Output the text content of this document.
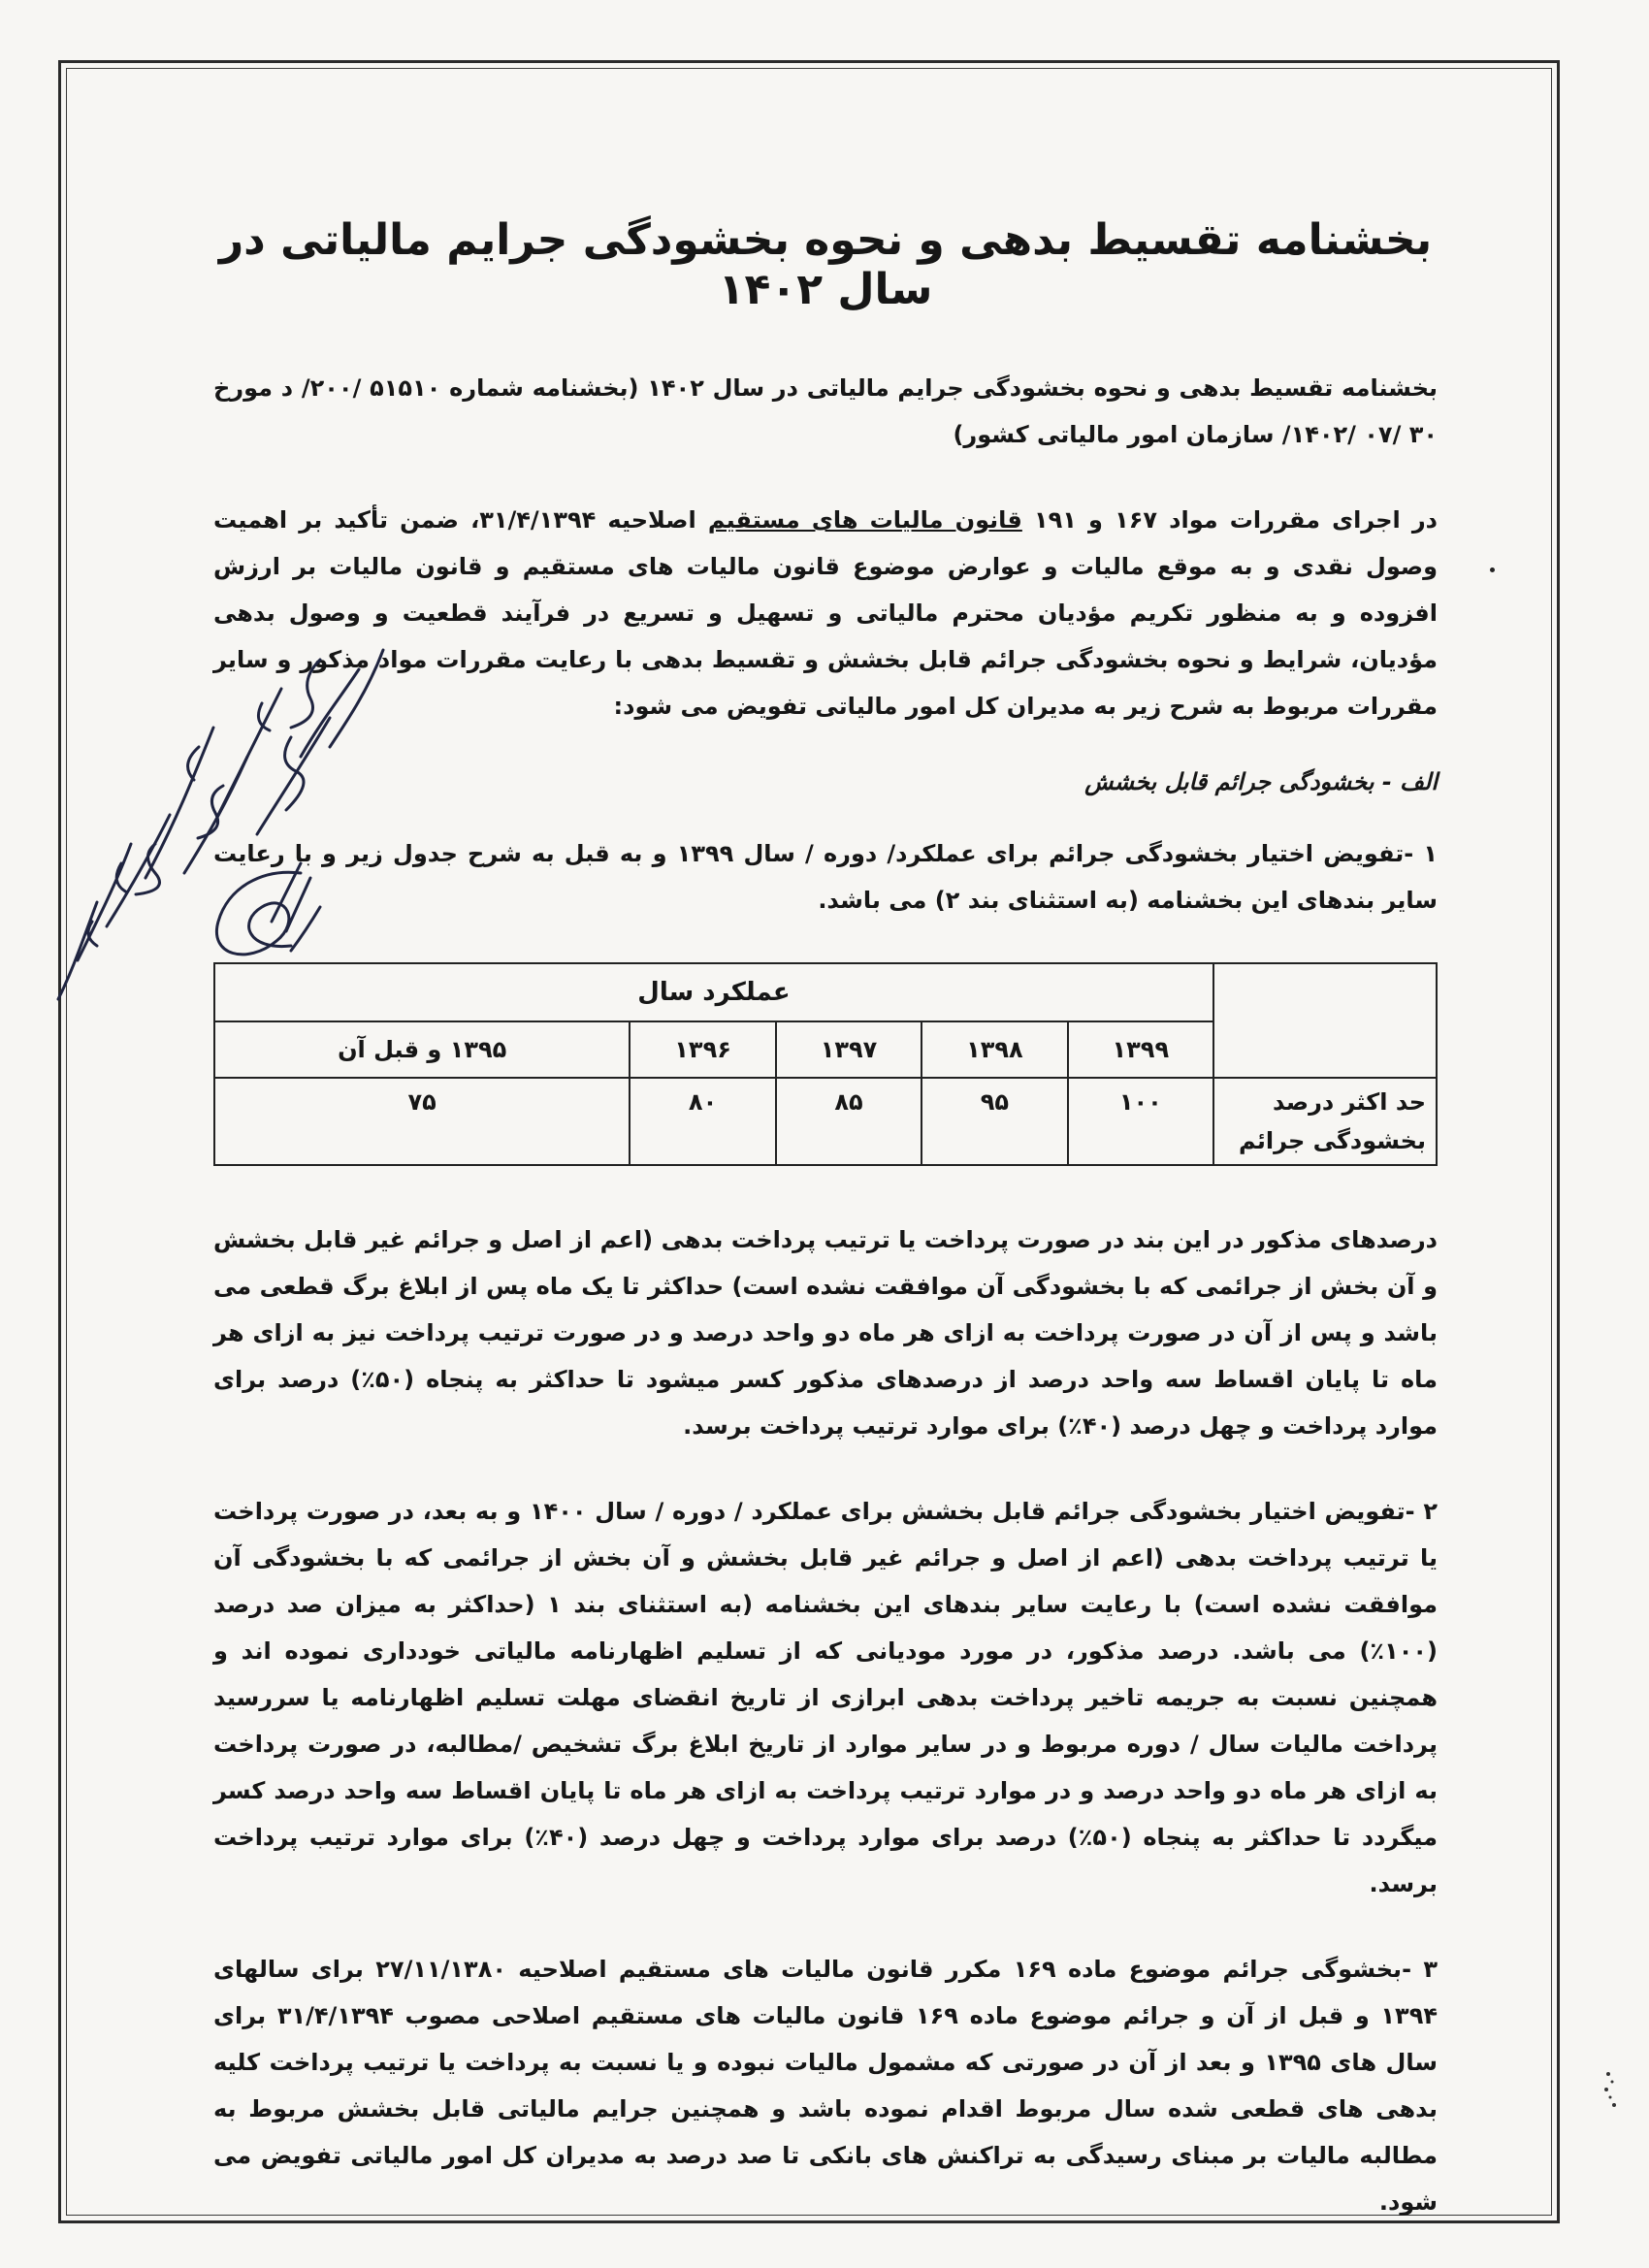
بخشنامه تقسیط بدهی و نحوه بخشودگی جرایم مالیاتی در سال ۱۴۰۲

بخشنامه تقسیط بدهی و نحوه بخشودگی جرایم مالیاتی در سال ۱۴۰۲ (بخشنامه شماره ۵۱۵۱۰ /۲۰۰/ د مورخ ۳۰ /۰۷ /۱۴۰۲/ سازمان امور مالیاتی کشور)

در اجرای مقررات مواد ۱۶۷ و ۱۹۱ قانون مالیات های مستقیم اصلاحیه ۳۱/۴/۱۳۹۴، ضمن تأکید بر اهمیت وصول نقدی و به موقع مالیات و عوارض موضوع قانون مالیات های مستقیم و قانون مالیات بر ارزش افزوده و به منظور تکریم مؤدیان محترم مالیاتی و تسهیل و تسریع در فرآیند قطعیت و وصول بدهی مؤدیان، شرایط و نحوه بخشودگی جرائم قابل بخشش و تقسیط بدهی با رعایت مقررات مواد مذکور و سایر مقررات مربوط به شرح زیر به مدیران کل امور مالیاتی تفویض می شود:

الف - بخشودگی جرائم قابل بخشش

۱ -تفویض اختیار بخشودگی جرائم برای عملکرد/ دوره / سال ۱۳۹۹ و به قبل به شرح جدول زیر و با رعایت سایر بندهای این بخشنامه (به استثنای بند ۲) می باشد.

	عملکرد سال				
	۱۳۹۹	۱۳۹۸	۱۳۹۷	۱۳۹۶	۱۳۹۵ و قبل آن
حد اکثر درصد بخشودگی جرائم	۱۰۰	۹۵	۸۵	۸۰	۷۵

درصدهای مذکور در این بند در صورت پرداخت یا ترتیب پرداخت بدهی (اعم از اصل و جرائم غیر قابل بخشش و آن بخش از جرائمی که با بخشودگی آن موافقت نشده است) حداکثر تا یک ماه پس از ابلاغ برگ قطعی می باشد و پس از آن در صورت پرداخت به ازای هر ماه دو واحد درصد و در صورت ترتیب پرداخت نیز به ازای هر ماه تا پایان اقساط سه واحد درصد از درصدهای مذکور کسر میشود تا حداکثر به پنجاه (۵۰٪) درصد برای موارد پرداخت و چهل درصد (۴۰٪) برای موارد ترتیب پرداخت برسد.

۲ -تفویض اختیار بخشودگی جرائم قابل بخشش برای عملکرد / دوره / سال ۱۴۰۰ و به بعد، در صورت پرداخت یا ترتیب پرداخت بدهی (اعم از اصل و جرائم غیر قابل بخشش و آن بخش از جرائمی که با بخشودگی آن موافقت نشده است) با رعایت سایر بندهای این بخشنامه (به استثنای بند ۱ (حداکثر به میزان صد درصد (۱۰۰٪) می باشد. درصد مذکور، در مورد مودیانی که از تسلیم اظهارنامه مالیاتی خودداری نموده اند و همچنین نسبت به جریمه تاخیر پرداخت بدهی ابرازی از تاریخ انقضای مهلت تسلیم اظهارنامه یا سررسید پرداخت مالیات سال / دوره مربوط و در سایر موارد از تاریخ ابلاغ برگ تشخیص /مطالبه، در صورت پرداخت به ازای هر ماه دو واحد درصد و در موارد ترتیب پرداخت به ازای هر ماه تا پایان اقساط سه واحد درصد کسر میگردد تا حداکثر به پنجاه (۵۰٪) درصد برای موارد پرداخت و چهل درصد (۴۰٪) برای موارد ترتیب پرداخت برسد.

۳ -بخشوگی جرائم موضوع ماده ۱۶۹ مکرر قانون مالیات های مستقیم اصلاحیه ۲۷/۱۱/۱۳۸۰ برای سالهای ۱۳۹۴ و قبل از آن و جرائم موضوع ماده ۱۶۹ قانون مالیات های مستقیم اصلاحی مصوب ۳۱/۴/۱۳۹۴ برای سال های ۱۳۹۵ و بعد از آن در صورتی که مشمول مالیات نبوده و یا نسبت به پرداخت یا ترتیب پرداخت کلیه بدهی های قطعی شده سال مربوط اقدام نموده باشد و همچنین جرایم مالیاتی قابل بخشش مربوط به مطالبه مالیات بر مبنای رسیدگی به تراکنش های بانکی تا صد درصد به مدیران کل امور مالیاتی تفویض می شود.
